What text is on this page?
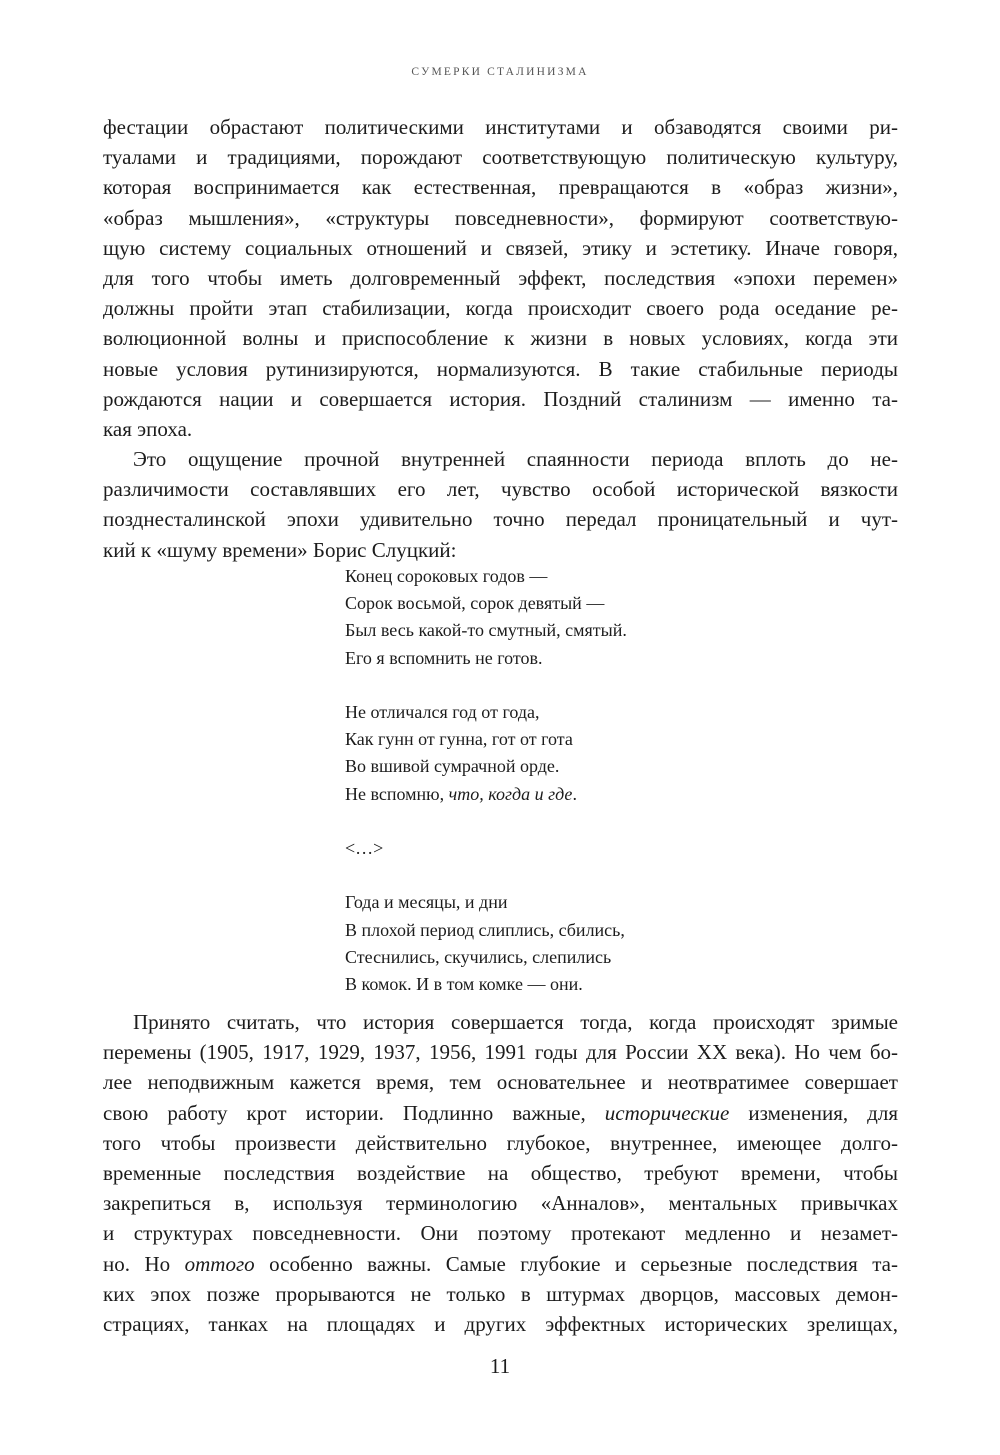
СУМЕРКИ СТАЛИНИЗМА

фестации обрастают политическими институтами и обзаводятся своими ри-
туалами и традициями, порождают соответствующую политическую культуру,
которая воспринимается как естественная, превращаются в «образ жизни»,
«образ мышления», «структуры повседневности», формируют соответствую-
щую систему социальных отношений и связей, этику и эстетику. Иначе говоря,
для того чтобы иметь долговременный эффект, последствия «эпохи перемен»
должны пройти этап стабилизации, когда происходит своего рода оседание ре-
волюционной волны и приспособление к жизни в новых условиях, когда эти
новые условия рутинизируются, нормализуются. В такие стабильные периоды
рождаются нации и совершается история. Поздний сталинизм — именно та-
кая эпоха.

Это ощущение прочной внутренней спаянности периода вплоть до не-
различимости составлявших его лет, чувство особой исторической вязкости
позднесталинской эпохи удивительно точно передал проницательный и чут-
кий к «шуму времени» Борис Слуцкий:

Конец сороковых годов —
Сорок восьмой, сорок девятый —
Был весь какой-то смутный, смятый.
Его я вспомнить не готов.
Не отличался год от года,
Как гунн от гунна, гот от гота
Во вшивой сумрачной орде.
Не вспомню, что, когда и где.
<…>
Года и месяцы, и дни
В плохой период слиплись, сбились,
Стеснились, скучились, слепились
В комок. И в том комке — они.

Принято считать, что история совершается тогда, когда происходят зримые
перемены (1905, 1917, 1929, 1937, 1956, 1991 годы для России XX века). Но чем бо-
лее неподвижным кажется время, тем основательнее и неотвратимее совершает
свою работу крот истории. Подлинно важные, исторические изменения, для
того чтобы произвести действительно глубокое, внутреннее, имеющее долго-
временные последствия воздействие на общество, требуют времени, чтобы
закрепиться в, используя терминологию «Анналов», ментальных привычках
и структурах повседневности. Они поэтому протекают медленно и незамет-
но. Но оттого особенно важны. Самые глубокие и серьезные последствия та-
ких эпох позже прорываются не только в штурмах дворцов, массовых демон-
страциях, танках на площадях и других эффектных исторических зрелищах,

11
